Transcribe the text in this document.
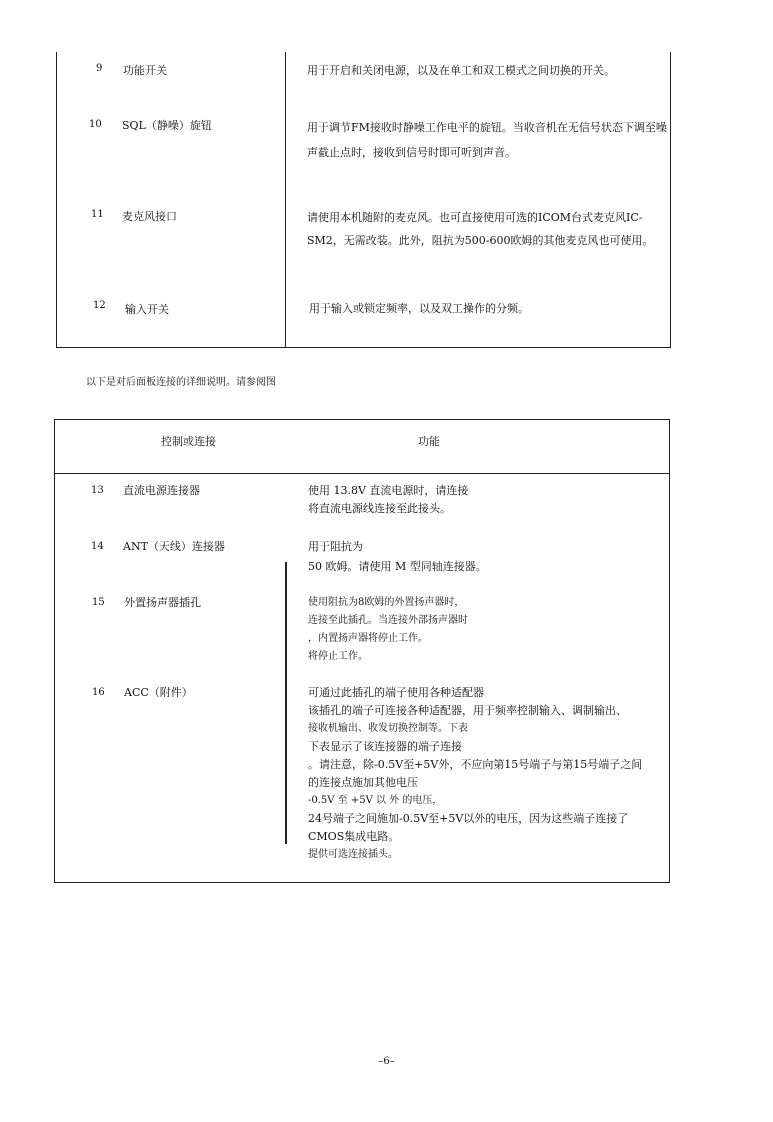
9 功能开关	用于开启和关闭电源，以及在单工和双工模式之间切换的开关。
10 SQL（静噪）旋钮	用于调节FM接收时静噪工作电平的旋钮。当收音机在无信号状态下调至噪
声截止点时，接收到信号时即可听到声音。
11 麦克风接口	请使用本机随附的麦克风。也可直接使用可选的ICOM台式麦克风IC-
SM2，无需改装。此外，阻抗为500-600欧姆的其他麦克风也可使用。
12 输入开关	用于输入或锁定频率，以及双工操作的分频。
以下是对后面板连接的详细说明。请参阅图
控制或连接	功能
13 直流电源连接器	使用 13.8V 直流电源时，请连接
将直流电源线连接至此接头。
14 ANT（天线）连接器	用于阻抗为
50 欧姆。请使用 M 型同轴连接器。
15 外置扬声器插孔	使用阻抗为8欧姆的外置扬声器时，
连接至此插孔。当连接外部扬声器时
，内置扬声器将停止工作。
将停止工作。
16 ACC（附件）	可通过此插孔的端子使用各种适配器
该插孔的端子可连接各种适配器，用于频率控制输入、调制输出、
接收机输出、收发切换控制等。下表
下表显示了该连接器的端子连接
。请注意，除-0.5V至+5V外，不应向第15号端子与第15号端子之间
的连接点施加其他电压
-0.5V 至 +5V 以 外 的电压，
24号端子之间施加-0.5V至+5V以外的电压，因为这些端子连接了
CMOS集成电路。
提供可选连接插头。
–6–
